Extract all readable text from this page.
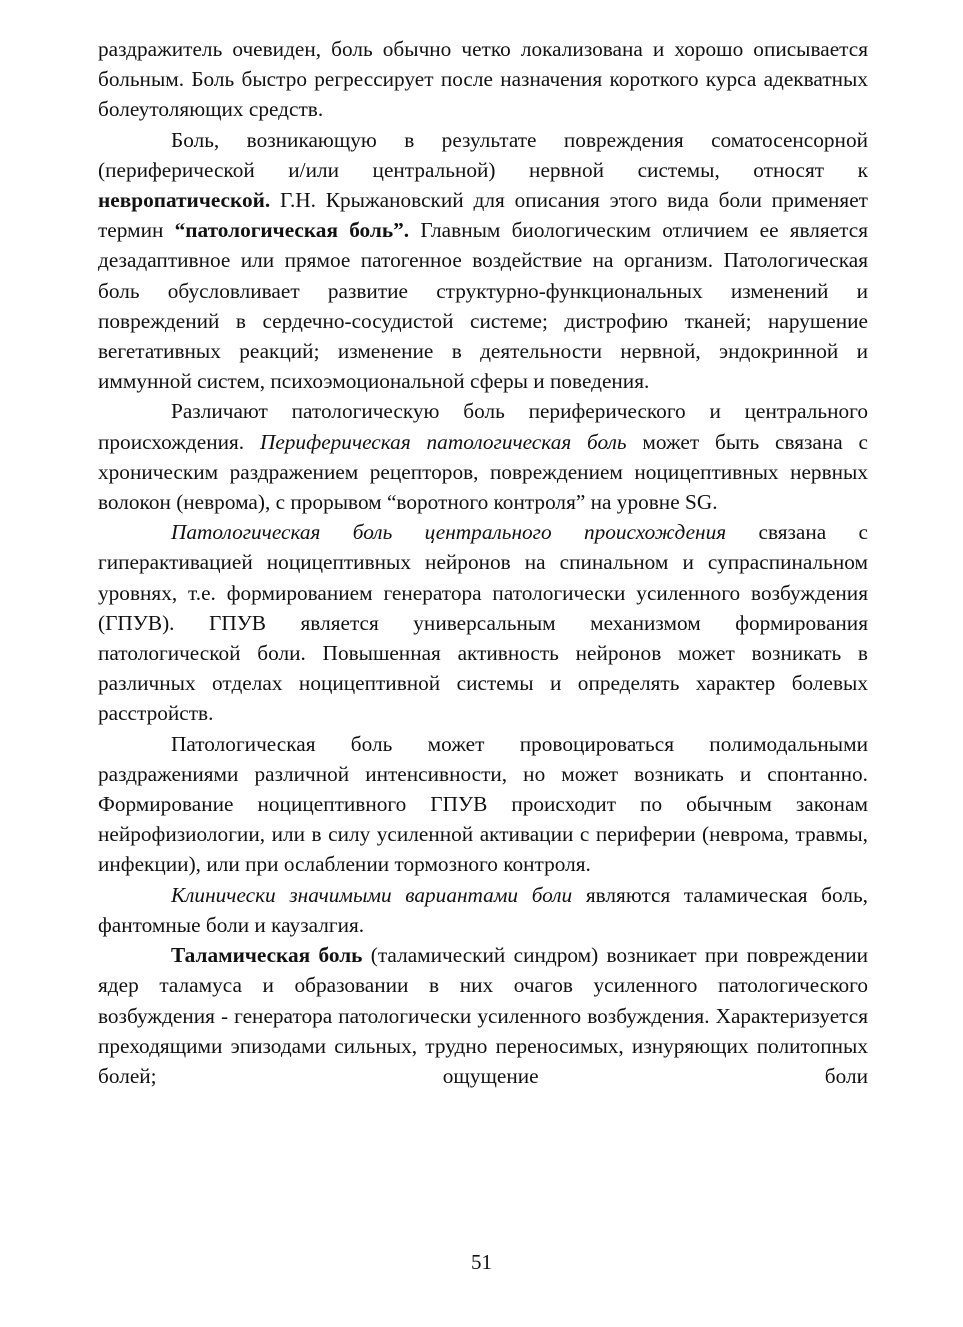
раздражитель очевиден, боль обычно четко локализована и хорошо описывается больным. Боль быстро регрессирует после назначения короткого курса адекватных болеутоляющих средств.

Боль, возникающую в результате повреждения соматосенсорной (периферической и/или центральной) нервной системы, относят к невропатической. Г.Н. Крыжановский для описания этого вида боли применяет термин “патологическая боль”. Главным биологическим отличием ее является дезадаптивное или прямое патогенное воздействие на организм. Патологическая боль обусловливает развитие структурно-функциональных изменений и повреждений в сердечно-сосудистой системе; дистрофию тканей; нарушение вегетативных реакций; изменение в деятельности нервной, эндокринной и иммунной систем, психоэмоциональной сферы и поведения.

Различают патологическую боль периферического и центрального происхождения. Периферическая патологическая боль может быть связана с хроническим раздражением рецепторов, повреждением ноцицептивных нервных волокон (неврома), с прорывом “воротного контроля” на уровне SG.

Патологическая боль центрального происхождения связана с гиперактивацией ноцицептивных нейронов на спинальном и супраспинальном уровнях, т.е. формированием генератора патологически усиленного возбуждения (ГПУВ). ГПУВ является универсальным механизмом формирования патологической боли. Повышенная активность нейронов может возникать в различных отделах ноцицептивной системы и определять характер болевых расстройств.

Патологическая боль может провоцироваться полимодальными раздражениями различной интенсивности, но может возникать и спонтанно. Формирование ноцицептивного ГПУВ происходит по обычным законам нейрофизиологии, или в силу усиленной активации с периферии (неврома, травмы, инфекции), или при ослаблении тормозного контроля.

Клинически значимыми вариантами боли являются таламическая боль, фантомные боли и каузалгия.

Таламическая боль (таламический синдром) возникает при повреждении ядер таламуса и образовании в них очагов усиленного патологического возбуждения - генератора патологически усиленного возбуждения. Характеризуется преходящими эпизодами сильных, трудно переносимых, изнуряющих политопных болей; ощущение боли

51
